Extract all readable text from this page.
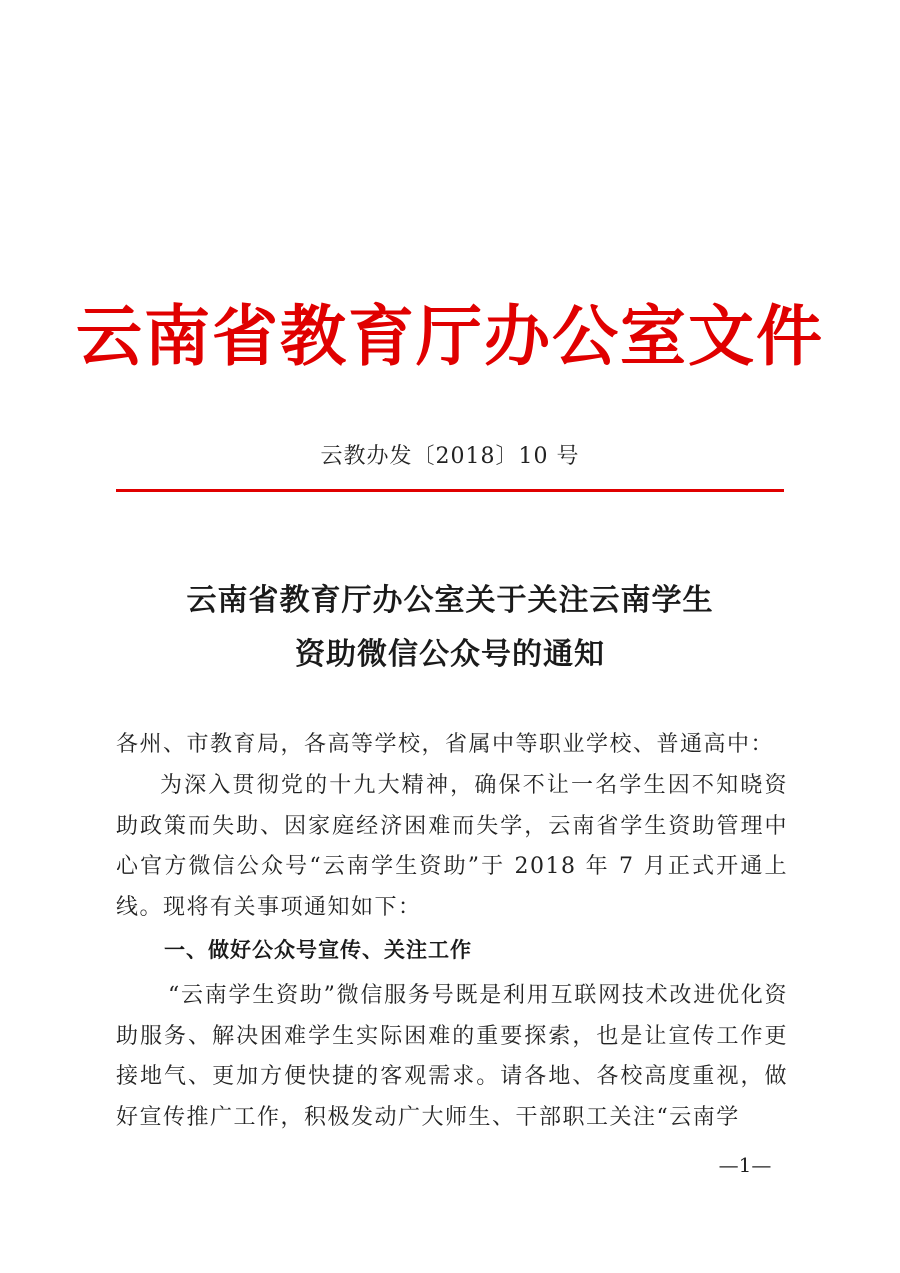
云南省教育厅办公室文件
云教办发〔2018〕10 号
云南省教育厅办公室关于关注云南学生
资助微信公众号的通知
各州、市教育局，各高等学校，省属中等职业学校、普通高中：
为深入贯彻党的十九大精神，确保不让一名学生因不知晓资助政策而失助、因家庭经济困难而失学，云南省学生资助管理中心官方微信公众号“云南学生资助”于 2018 年 7 月正式开通上线。现将有关事项通知如下：
一、做好公众号宣传、关注工作
“云南学生资助”微信服务号既是利用互联网技术改进优化资助服务、解决困难学生实际困难的重要探索，也是让宣传工作更接地气、更加方便快捷的客观需求。请各地、各校高度重视，做好宣传推广工作，积极发动广大师生、干部职工关注“云南学
—1—
